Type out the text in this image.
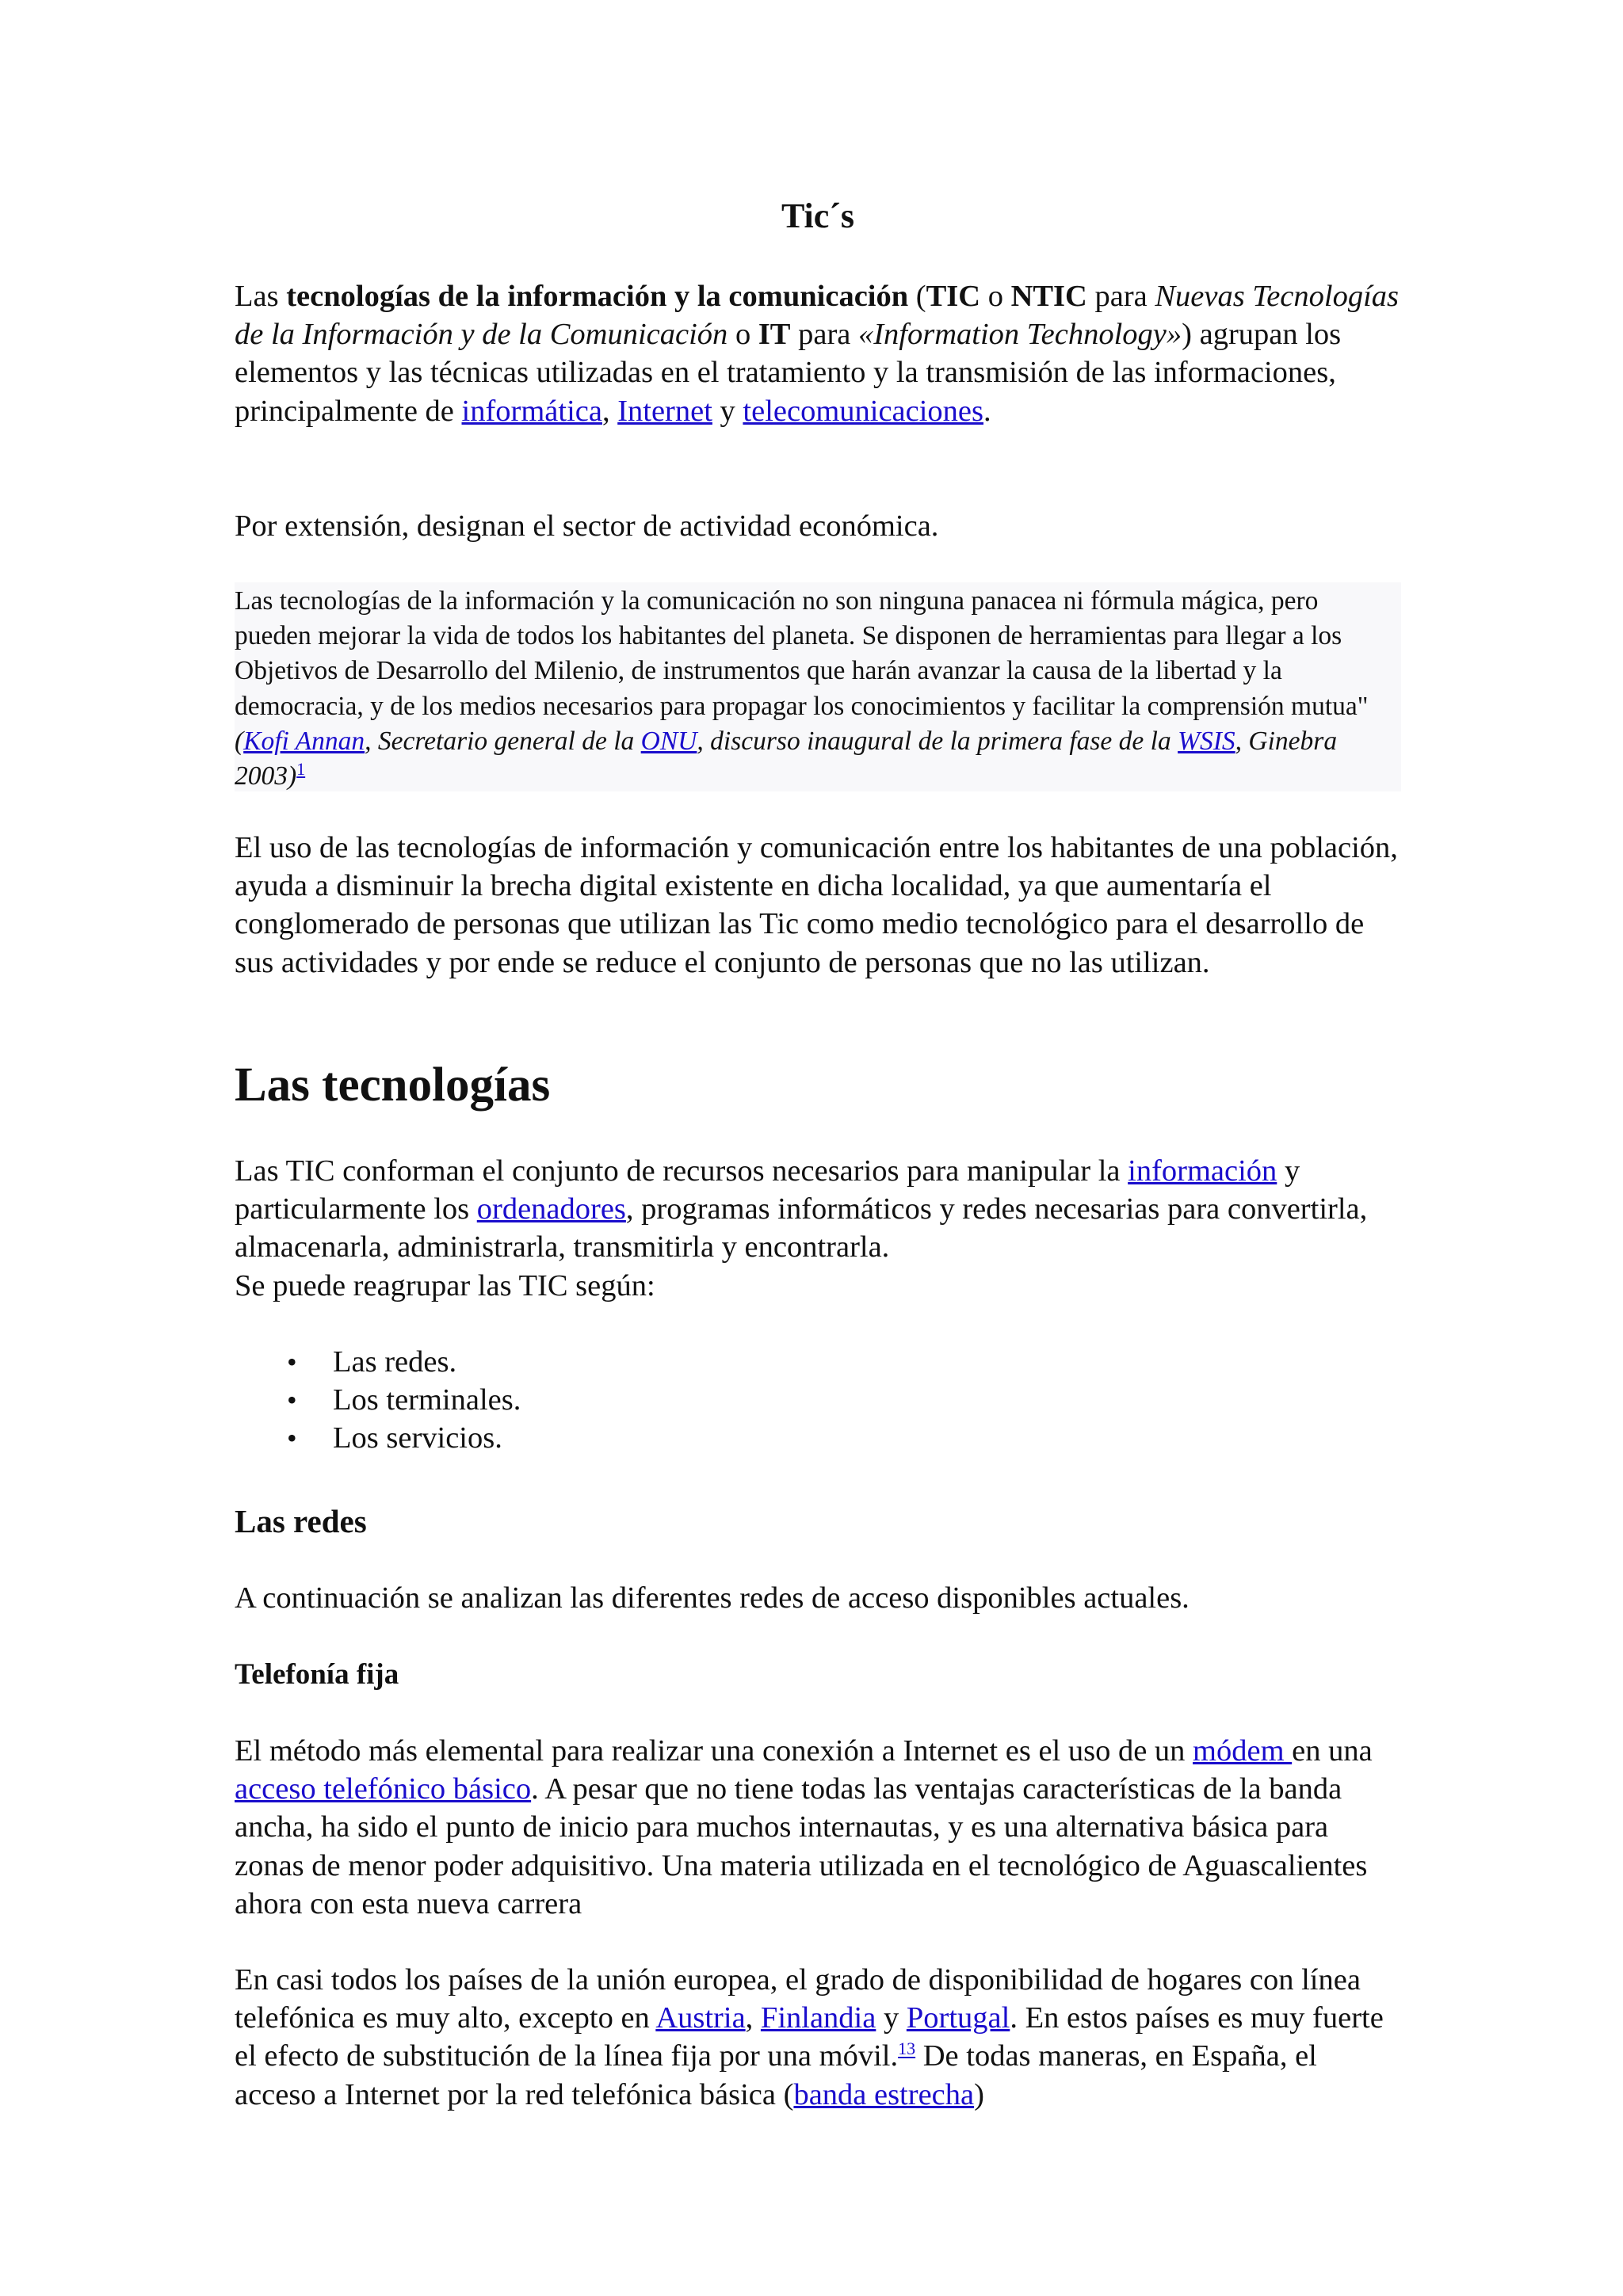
Tic´s

Las tecnologías de la información y la comunicación (TIC o NTIC para Nuevas Tecnologías de la Información y de la Comunicación o IT para «Information Technology») agrupan los elementos y las técnicas utilizadas en el tratamiento y la transmisión de las informaciones, principalmente de informática, Internet y telecomunicaciones.

Por extensión, designan el sector de actividad económica.

Las tecnologías de la información y la comunicación no son ninguna panacea ni fórmula mágica, pero pueden mejorar la vida de todos los habitantes del planeta. Se disponen de herramientas para llegar a los Objetivos de Desarrollo del Milenio, de instrumentos que harán avanzar la causa de la libertad y la democracia, y de los medios necesarios para propagar los conocimientos y facilitar la comprensión mutua" (Kofi Annan, Secretario general de la ONU, discurso inaugural de la primera fase de la WSIS, Ginebra 2003)$^1$

El uso de las tecnologías de información y comunicación entre los habitantes de una población, ayuda a disminuir la brecha digital existente en dicha localidad, ya que aumentaría el conglomerado de personas que utilizan las Tic como medio tecnológico para el desarrollo de sus actividades y por ende se reduce el conjunto de personas que no las utilizan.

Las tecnologías

Las TIC conforman el conjunto de recursos necesarios para manipular la información y particularmente los ordenadores, programas informáticos y redes necesarias para convertirla, almacenarla, administrarla, transmitirla y encontrarla.
Se puede reagrupar las TIC según:

• Las redes.
• Los terminales.
• Los servicios.
Las redes

A continuación se analizan las diferentes redes de acceso disponibles actuales.

Telefonía fija

El método más elemental para realizar una conexión a Internet es el uso de un módem en una acceso telefónico básico. A pesar que no tiene todas las ventajas características de la banda ancha, ha sido el punto de inicio para muchos internautas, y es una alternativa básica para zonas de menor poder adquisitivo. Una materia utilizada en el tecnológico de Aguascalientes ahora con esta nueva carrera

En casi todos los países de la unión europea, el grado de disponibilidad de hogares con línea telefónica es muy alto, excepto en Austria, Finlandia y Portugal. En estos países es muy fuerte el efecto de substitución de la línea fija por una móvil.$^{13}$ De todas maneras, en España, el acceso a Internet por la red telefónica básica (banda estrecha)
